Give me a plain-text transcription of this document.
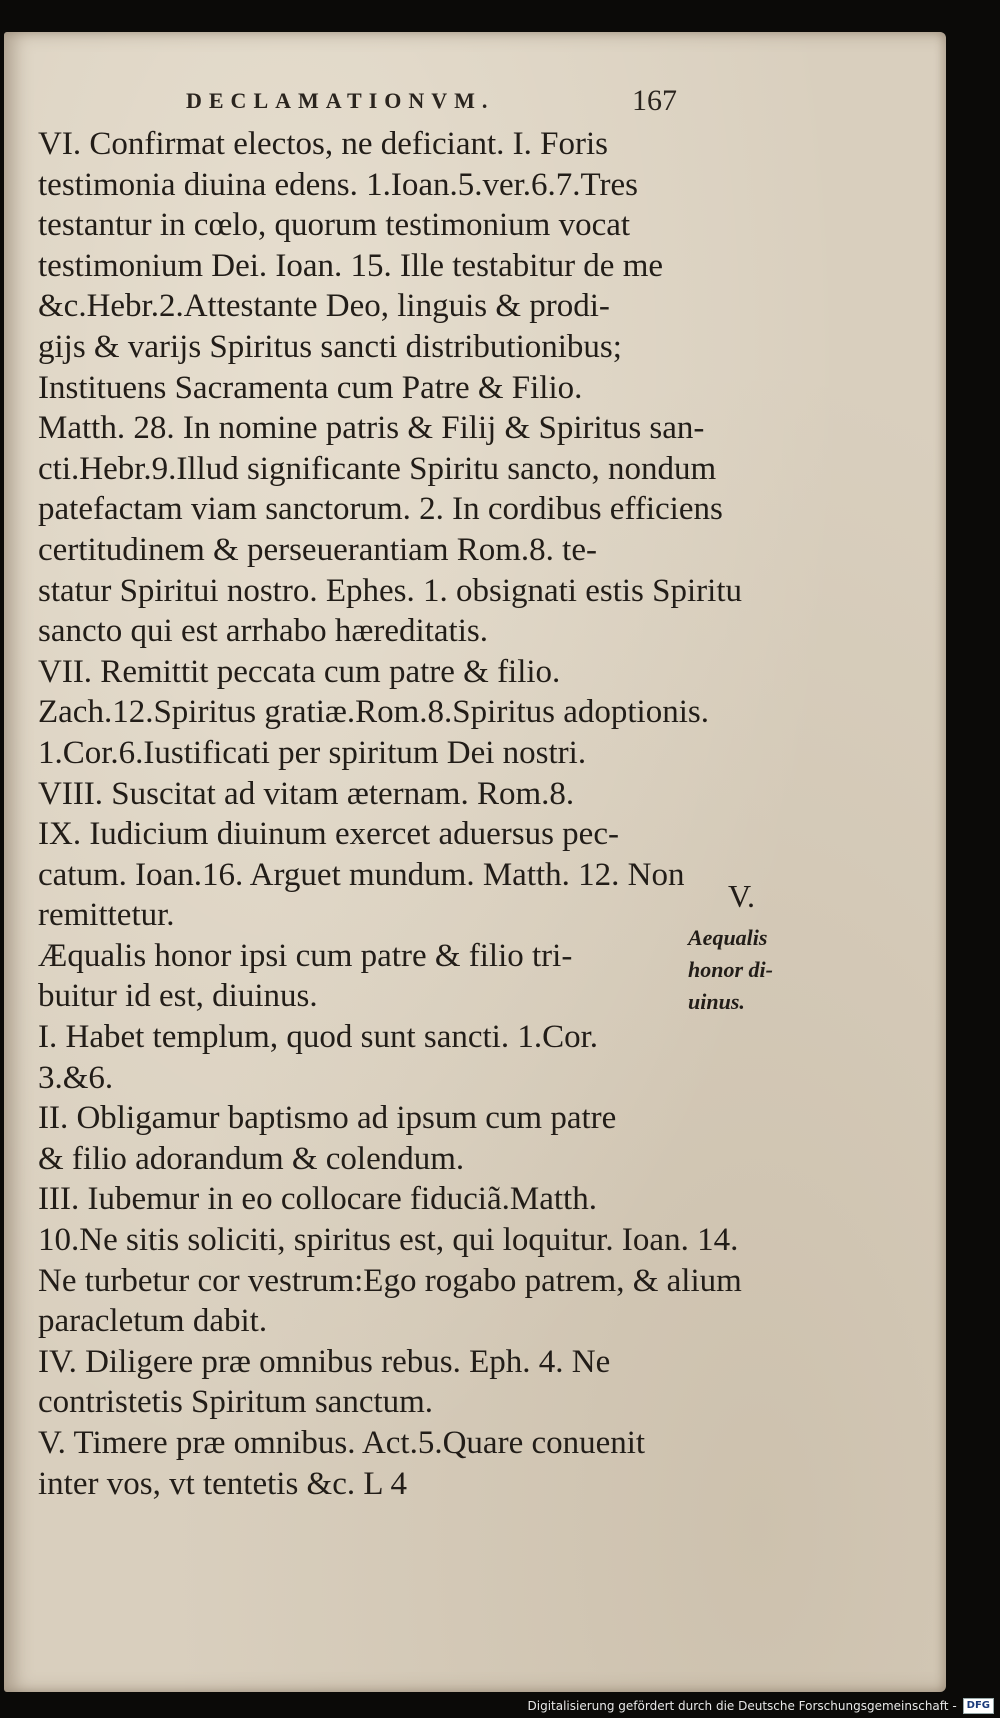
DECLAMATIONVM.	167
VI. Confirmat electos, ne deficiant. I. Foris
testimonia diuina edens. 1.Ioan.5.ver.6.7.Tres
testantur in cœlo, quorum testimonium vocat
testimonium Dei. Ioan. 15. Ille testabitur de me
&c.Hebr.2.Attestante Deo, linguis & prodi-
gijs & varijs Spiritus sancti distributionibus;
Instituens Sacramenta cum Patre & Filio.
Matth. 28. In nomine patris & Filij & Spiritus san-
cti.Hebr.9.Illud significante Spiritu sancto, nondum
patefactam viam sanctorum. 2. In cordibus efficiens
certitudinem & perseuerantiam Rom.8. te-
statur Spiritui nostro. Ephes. 1. obsignati estis Spiritu
sancto qui est arrhabo hæreditatis.
VII. Remittit peccata cum patre & filio.
Zach.12.Spiritus gratiæ.Rom.8.Spiritus adoptionis.
1.Cor.6.Iustificati per spiritum Dei nostri.
VIII. Suscitat ad vitam æternam. Rom.8.
IX. Iudicium diuinum exercet aduersus pec-
catum. Ioan.16. Arguet mundum. Matth. 12. Non
remittetur.
Æqualis honor ipsi cum patre & filio tri-
buitur id est, diuinus.
I. Habet templum, quod sunt sancti. 1.Cor.
3.&6.
II. Obligamur baptismo ad ipsum cum patre
& filio adorandum & colendum.
III. Iubemur in eo collocare fiduciã.Matth.
10.Ne sitis soliciti, spiritus est, qui loquitur. Ioan. 14.
Ne turbetur cor vestrum:Ego rogabo patrem, & alium
paracletum dabit.
IV. Diligere præ omnibus rebus. Eph. 4. Ne
contristetis Spiritum sanctum.
V. Timere præ omnibus. Act.5.Quare conuenit
inter vos, vt tentetis &c. L 4
V.
Aequalis
honor di-
uinus.
Digitalisierung gefördert durch die Deutsche Forschungsgemeinschaft -	DFG
